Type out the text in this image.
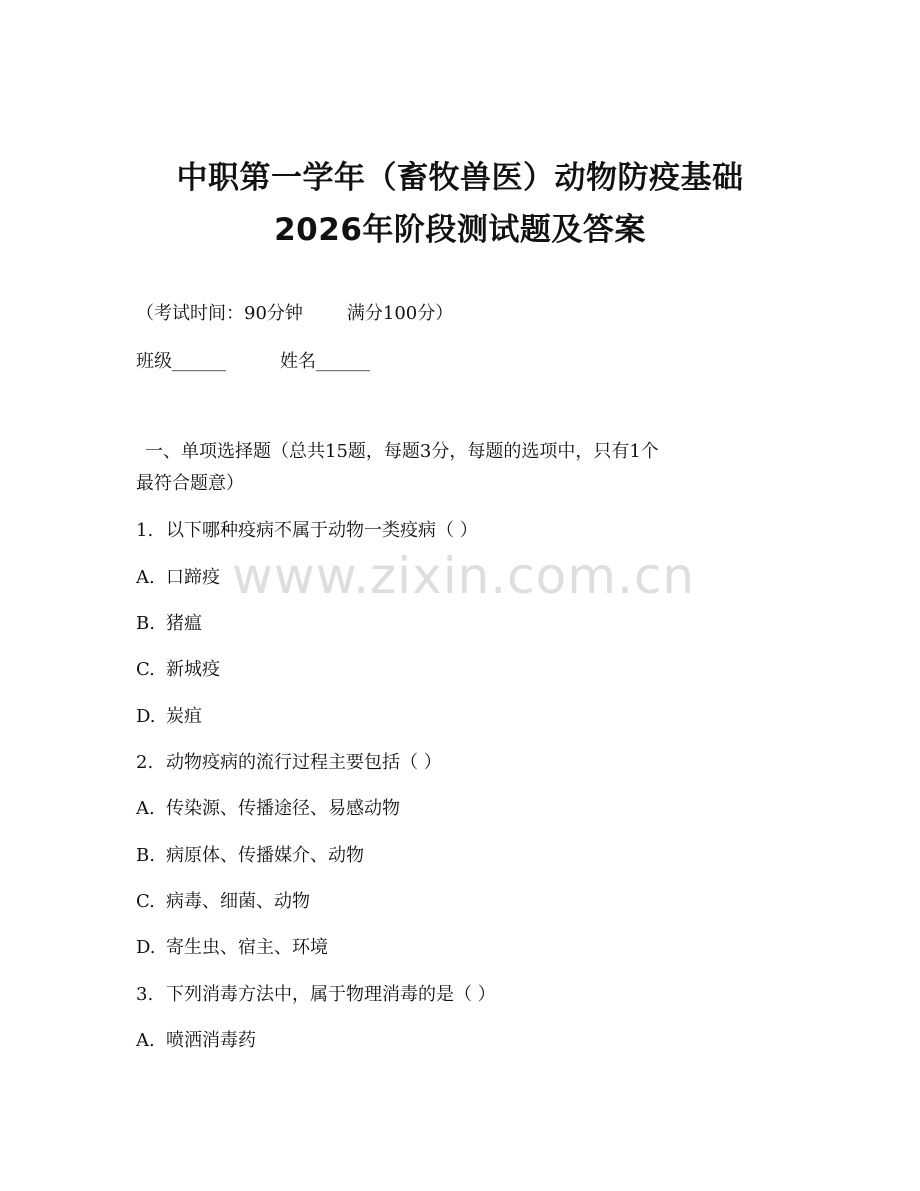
中职第一学年（畜牧兽医）动物防疫基础
2026年阶段测试题及答案
（考试时间：90分钟 满分100分）
班级______	姓名______
一、单项选择题（总共15题，每题3分，每题的选项中，只有1个
最符合题意）
1. 以下哪种疫病不属于动物一类疫病（ ）
A. 口蹄疫
B. 猪瘟
C. 新城疫
D. 炭疽
2. 动物疫病的流行过程主要包括（ ）
A. 传染源、传播途径、易感动物
B. 病原体、传播媒介、动物
C. 病毒、细菌、动物
D. 寄生虫、宿主、环境
3. 下列消毒方法中，属于物理消毒的是（ ）
A. 喷洒消毒药
www.zixin.com.cn
